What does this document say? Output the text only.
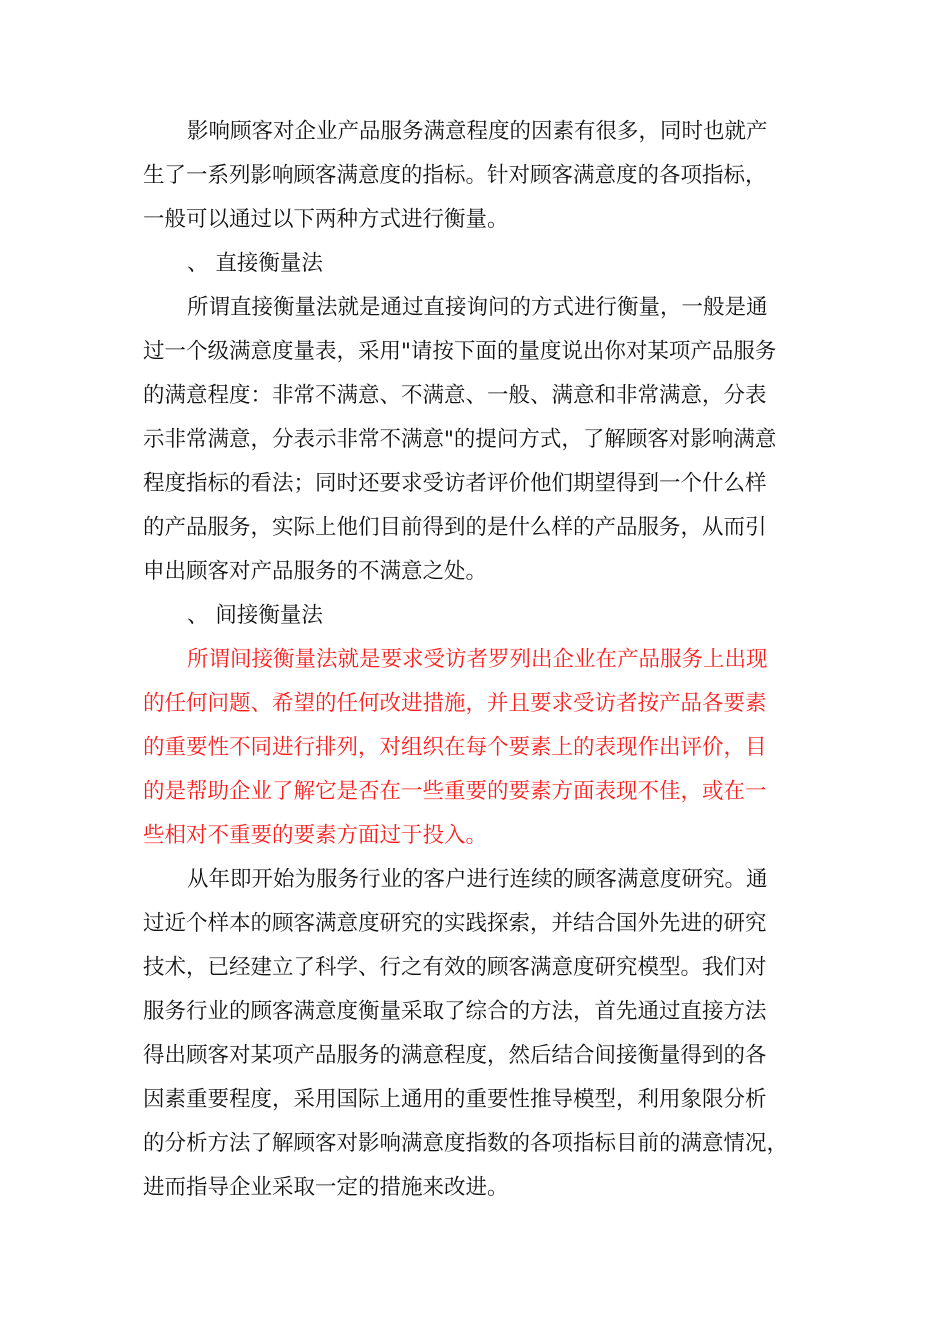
影响顾客对企业产品服务满意程度的因素有很多，同时也就产
生了一系列影响顾客满意度的指标。针对顾客满意度的各项指标，
一般可以通过以下两种方式进行衡量。
、 直接衡量法
所谓直接衡量法就是通过直接询问的方式进行衡量，一般是通
过一个级满意度量表，采用"请按下面的量度说出你对某项产品服务
的满意程度：非常不满意、不满意、一般、满意和非常满意，分表
示非常满意，分表示非常不满意"的提问方式，了解顾客对影响满意
程度指标的看法；同时还要求受访者评价他们期望得到一个什么样
的产品服务，实际上他们目前得到的是什么样的产品服务，从而引
申出顾客对产品服务的不满意之处。
、 间接衡量法
所谓间接衡量法就是要求受访者罗列出企业在产品服务上出现
的任何问题、希望的任何改进措施，并且要求受访者按产品各要素
的重要性不同进行排列，对组织在每个要素上的表现作出评价，目
的是帮助企业了解它是否在一些重要的要素方面表现不佳，或在一
些相对不重要的要素方面过于投入。
从年即开始为服务行业的客户进行连续的顾客满意度研究。通
过近个样本的顾客满意度研究的实践探索，并结合国外先进的研究
技术，已经建立了科学、行之有效的顾客满意度研究模型。我们对
服务行业的顾客满意度衡量采取了综合的方法，首先通过直接方法
得出顾客对某项产品服务的满意程度，然后结合间接衡量得到的各
因素重要程度，采用国际上通用的重要性推导模型，利用象限分析
的分析方法了解顾客对影响满意度指数的各项指标目前的满意情况，
进而指导企业采取一定的措施来改进。
